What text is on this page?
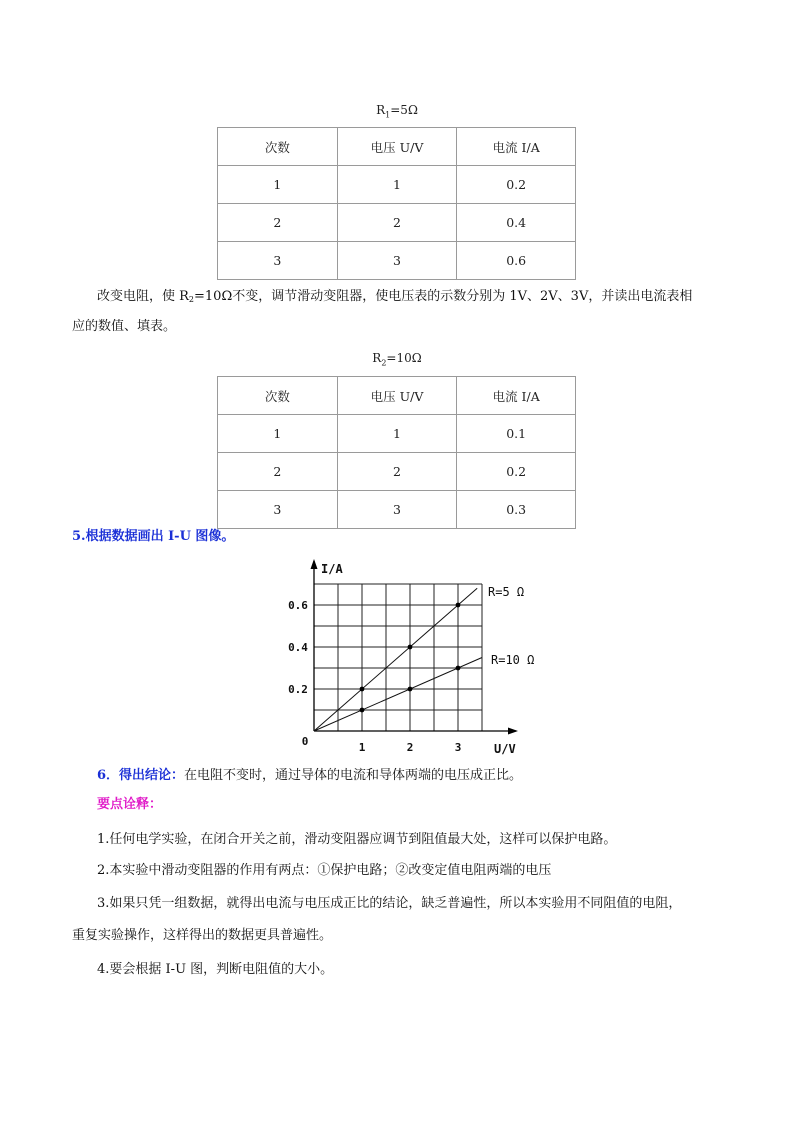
$R_1=5\Omega$
次数	电压 U/V	电流 I/A
1	1	0.2
2	2	0.4
3	3	0.6
改变电阻，使 R2=10Ω不变，调节滑动变阻器，使电压表的示数分别为 1V、2V、3V，并读出电流表相
应的数值、填表。
$R_2=10\Omega$
次数	电压 U/V	电流 I/A
1	1	0.1
2	2	0.2
3	3	0.3
5.根据数据画出 I-U 图像。
R=5 Ω
R=10 Ω
1	2	3
0.2
0.4
0.6
0
I/A
U/V
6．得出结论：在电阻不变时，通过导体的电流和导体两端的电压成正比。
要点诠释：
1.任何电学实验，在闭合开关之前，滑动变阻器应调节到阻值最大处，这样可以保护电路。
2.本实验中滑动变阻器的作用有两点：①保护电路；②改变定值电阻两端的电压
3.如果只凭一组数据，就得出电流与电压成正比的结论，缺乏普遍性，所以本实验用不同阻值的电阻，
重复实验操作，这样得出的数据更具普遍性。
4.要会根据 I-U 图，判断电阻值的大小。
